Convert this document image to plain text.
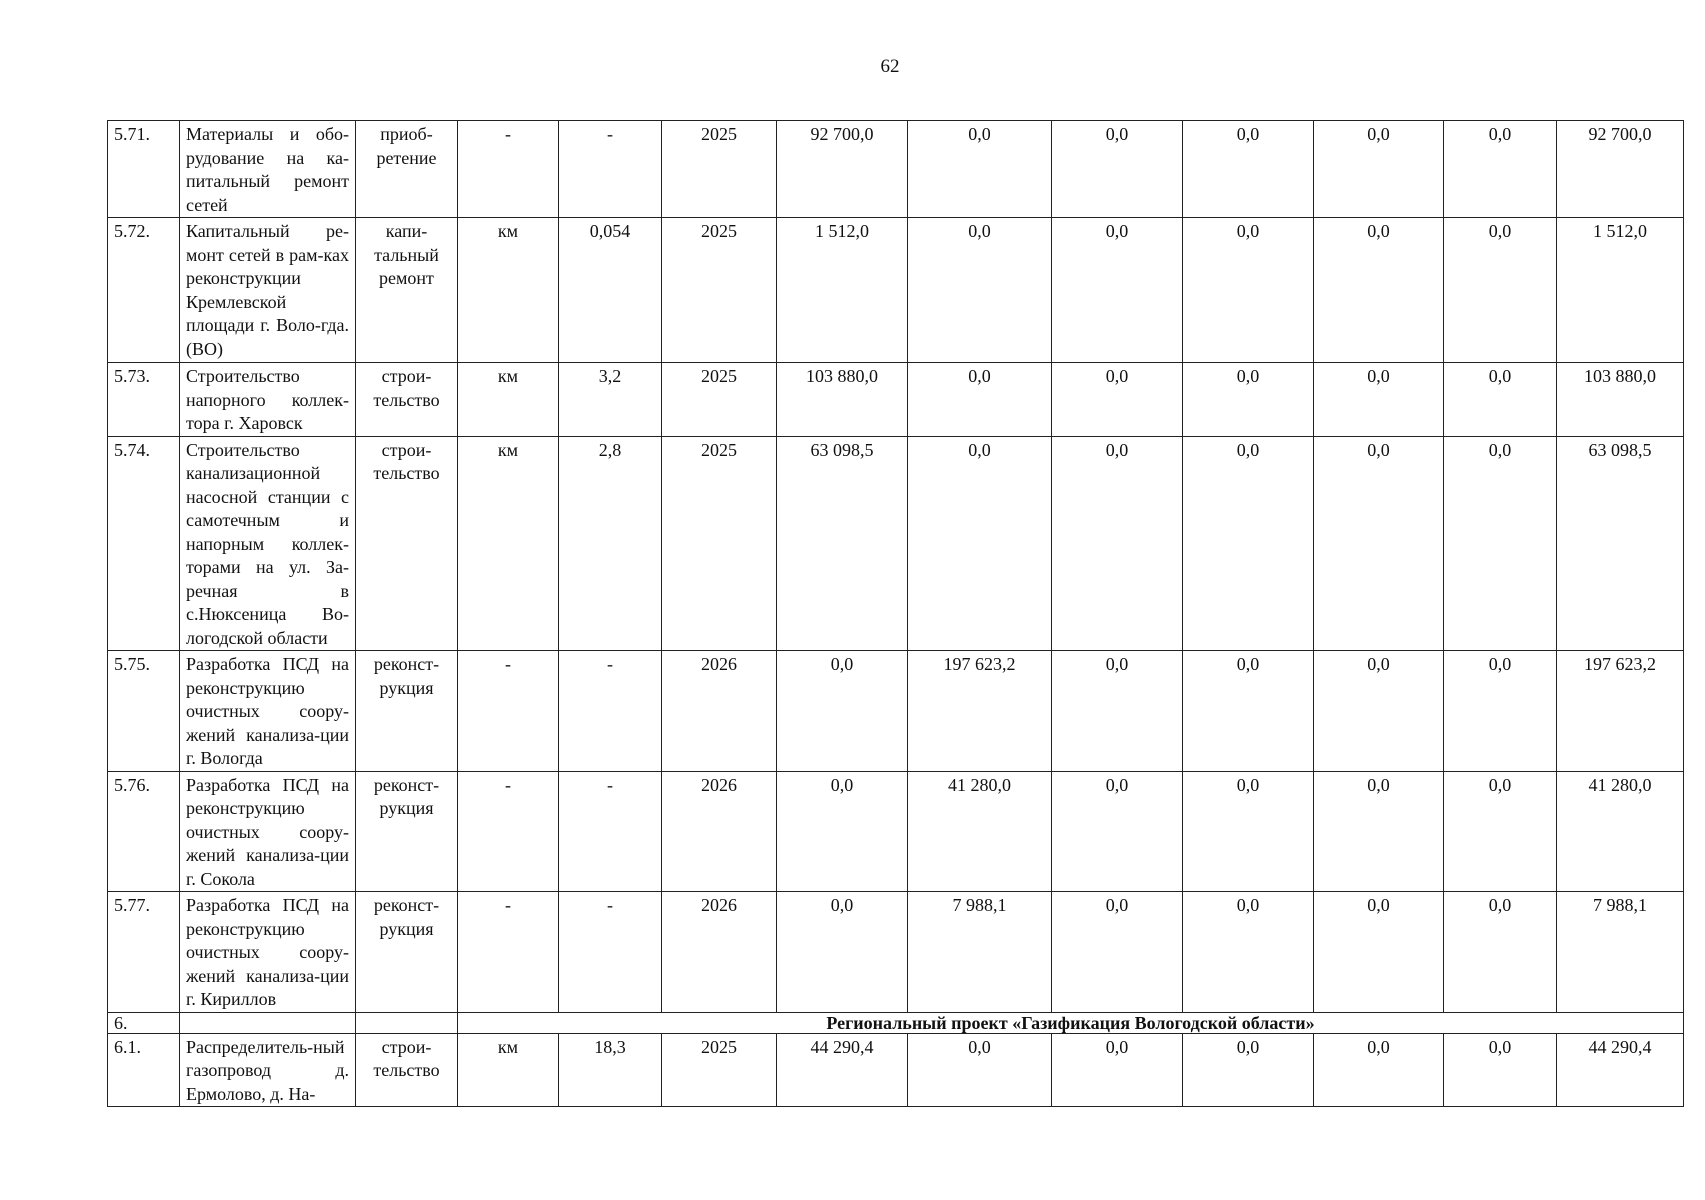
62
5.71.	Материалы и обо-рудование на ка-питальный ремонт сетей	приоб-ретение	-	-	2025	92 700,0	0,0	0,0	0,0	0,0	0,0	92 700,0
5.72.	Капитальный ре-монт сетей в рам-ках реконструкции Кремлевской площади г. Воло-гда. (ВО)	капи-тальный ремонт	км	0,054	2025	1 512,0	0,0	0,0	0,0	0,0	0,0	1 512,0
5.73.	Строительство напорного коллек-тора г. Харовск	строи-тельство	км	3,2	2025	103 880,0	0,0	0,0	0,0	0,0	0,0	103 880,0
5.74.	Строительство канализационной насосной станции с самотечным и напорным коллек-торами на ул. За-речная в с.Нюксеница Во-логодской области	строи-тельство	км	2,8	2025	63 098,5	0,0	0,0	0,0	0,0	0,0	63 098,5
5.75.	Разработка ПСД на реконструкцию очистных соору-жений канализа-ции г. Вологда	реконст-рукция	-	-	2026	0,0	197 623,2	0,0	0,0	0,0	0,0	197 623,2
5.76.	Разработка ПСД на реконструкцию очистных соору-жений канализа-ции г. Сокола	реконст-рукция	-	-	2026	0,0	41 280,0	0,0	0,0	0,0	0,0	41 280,0
5.77.	Разработка ПСД на реконструкцию очистных соору-жений канализа-ции г. Кириллов	реконст-рукция	-	-	2026	0,0	7 988,1	0,0	0,0	0,0	0,0	7 988,1
6.			Региональный проект «Газификация Вологодской области»									
6.1.	Распределитель-ный газопровод д. Ермолово, д. На-	строи-тельство	км	18,3	2025	44 290,4	0,0	0,0	0,0	0,0	0,0	44 290,4
